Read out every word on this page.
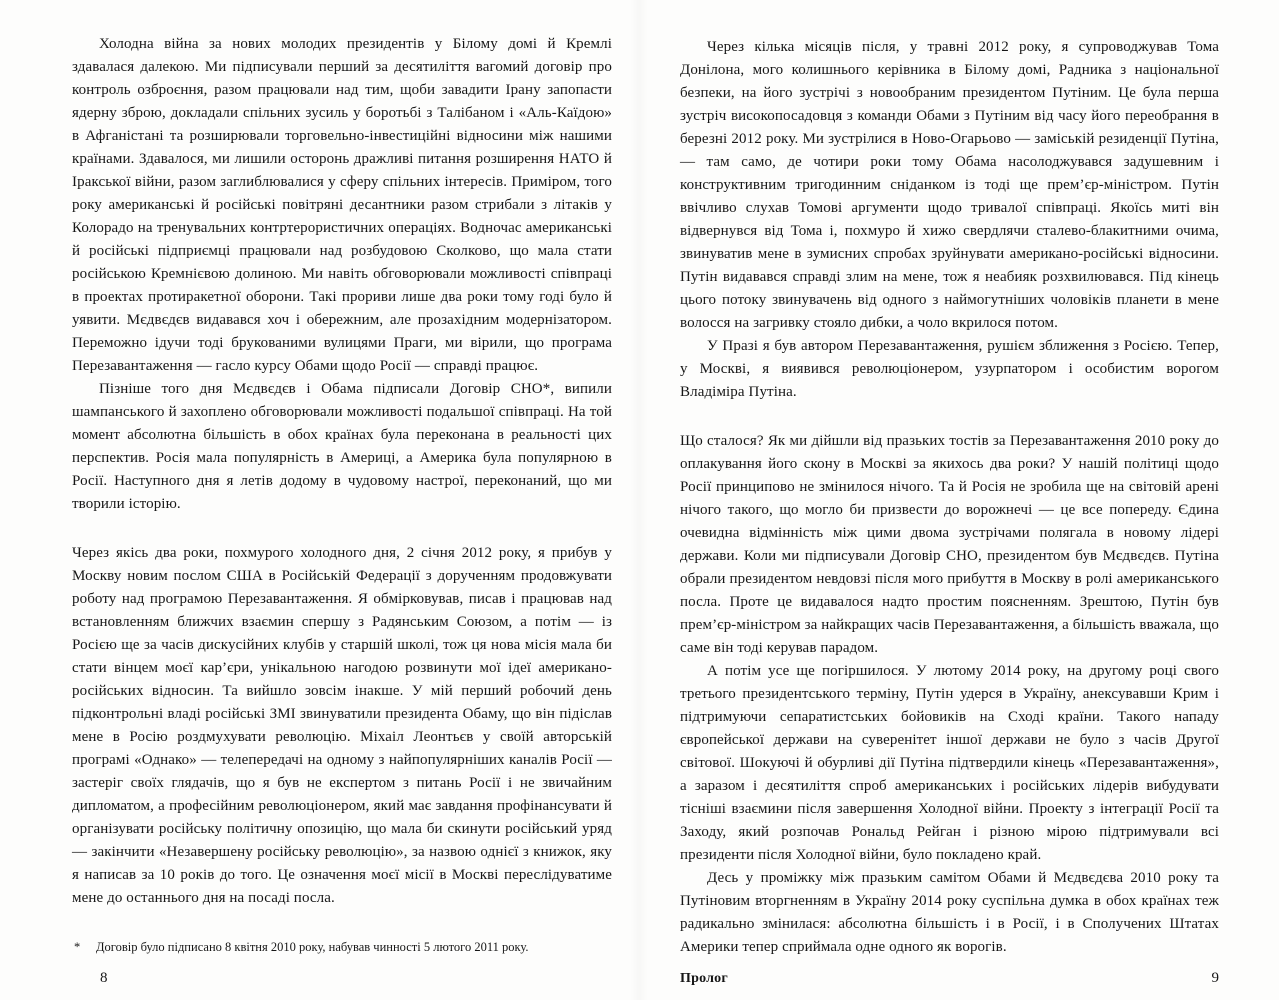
Холодна війна за нових молодих президентів у Білому домі й Кремлі здавалася далекою. Ми підписували перший за десятиліття вагомий договір про контроль озброєння, разом працювали над тим, щоби завадити Ірану запопасти ядерну зброю, докладали спільних зусиль у боротьбі з Талібаном і «Аль-Каїдою» в Афганістані та розширювали торговельно-інвестиційні відносини між нашими країнами. Здавалося, ми лишили осторонь дражливі питання розширення НАТО й Іракської війни, разом заглиблювалися у сферу спільних інтересів. Приміром, того року американські й російські повітряні десантники разом стрибали з літаків у Колорадо на тренувальних контртерористичних операціях. Водночас американські й російські підприємці працювали над розбудовою Сколково, що мала стати російською Кремнієвою долиною. Ми навіть обговорювали можливості співпраці в проектах протиракетної оборони. Такі прориви лише два роки тому годі було й уявити. Мєдвєдєв видавався хоч і обережним, але прозахідним модернізатором. Переможно ідучи тоді брукованими вулицями Праги, ми вірили, що програма Перезавантаження — гасло курсу Обами щодо Росії — справді працює.

Пізніше того дня Мєдвєдєв і Обама підписали Договір СНО*, випили шампанського й захоплено обговорювали можливості подальшої співпраці. На той момент абсолютна більшість в обох країнах була переконана в реальності цих перспектив. Росія мала популярність в Америці, а Америка була популярною в Росії. Наступного дня я летів додому в чудовому настрої, переконаний, що ми творили історію.

Через якісь два роки, похмурого холодного дня, 2 січня 2012 року, я прибув у Москву новим послом США в Російській Федерації з дорученням продовжувати роботу над програмою Перезавантаження. Я обмірковував, писав і працював над встановленням ближчих взаємин спершу з Радянським Союзом, а потім — із Росією ще за часів дискусійних клубів у старшій школі, тож ця нова місія мала би стати вінцем моєї кар’єри, унікальною нагодою розвинути мої ідеї американо-російських відносин. Та вийшло зовсім інакше. У мій перший робочий день підконтрольні владі російські ЗМІ звинуватили президента Обаму, що він підіслав мене в Росію роздмухувати революцію. Міхаіл Леонтьєв у своїй авторській програмі «Однако» — телепередачі на одному з найпопулярніших каналів Росії — застеріг своїх глядачів, що я був не експертом з питань Росії і не звичайним дипломатом, а професійним революціонером, який має завдання профінансувати й організувати російську політичну опозицію, що мала би скинути російський уряд — закінчити «Незавершену російську революцію», за назвою однієї з книжок, яку я написав за 10 років до того. Це означення моєї місії в Москві переслідуватиме мене до останнього дня на посаді посла.

*	Договір було підписано 8 квітня 2010 року, набував чинності 5 лютого 2011 року.
8

Через кілька місяців після, у травні 2012 року, я супроводжував Тома Донілона, мого колишнього керівника в Білому домі, Радника з національної безпеки, на його зустрічі з новообраним президентом Путіним. Це була перша зустріч високопосадовця з команди Обами з Путіним від часу його переобрання в березні 2012 року. Ми зустрілися в Ново-Огарьово — заміській резиденції Путіна, — там само, де чотири роки тому Обама насолоджувався задушевним і конструктивним тригодинним сніданком із тоді ще прем’єр-міністром. Путін ввічливо слухав Томові аргументи щодо тривалої співпраці. Якоїсь миті він відвернувся від Тома і, похмуро й хижо свердлячи сталево-блакитними очима, звинуватив мене в зумисних спробах зруйнувати американо-російські відносини. Путін видавався справді злим на мене, тож я неабияк розхвилювався. Під кінець цього потоку звинувачень від одного з наймогутніших чоловіків планети в мене волосся на загривку стояло дибки, а чоло вкрилося потом.

У Празі я був автором Перезавантаження, рушієм зближення з Росією. Тепер, у Москві, я виявився революціонером, узурпатором і особистим ворогом Владіміра Путіна.

Що сталося? Як ми дійшли від празьких тостів за Перезавантаження 2010 року до оплакування його скону в Москві за якихось два роки? У нашій політиці щодо Росії принципово не змінилося нічого. Та й Росія не зробила ще на світовій арені нічого такого, що могло би призвести до ворожнечі — це все попереду. Єдина очевидна відмінність між цими двома зустрічами полягала в новому лідері держави. Коли ми підписували Договір СНО, президентом був Мєдвєдєв. Путіна обрали президентом невдовзі після мого прибуття в Москву в ролі американського посла. Проте це видавалося надто простим поясненням. Зрештою, Путін був прем’єр-міністром за найкращих часів Перезавантаження, а більшість вважала, що саме він тоді керував парадом.

А потім усе ще погіршилося. У лютому 2014 року, на другому році свого третього президентського терміну, Путін удерся в Україну, анексувавши Крим і підтримуючи сепаратистських бойовиків на Сході країни. Такого нападу європейської держави на суверенітет іншої держави не було з часів Другої світової. Шокуючі й обурливі дії Путіна підтвердили кінець «Перезавантаження», а заразом і десятиліття спроб американських і російських лідерів вибудувати тісніші взаємини після завершення Холодної війни. Проекту з інтеграції Росії та Заходу, який розпочав Рональд Рейган і різною мірою підтримували всі президенти після Холодної війни, було покладено край.

Десь у проміжку між празьким самітом Обами й Мєдвєдєва 2010 року та Путіновим вторгненням в Україну 2014 року суспільна думка в обох країнах теж радикально змінилася: абсолютна більшість і в Росії, і в Сполучених Штатах Америки тепер сприймала одне одного як ворогів.

Пролог	9
